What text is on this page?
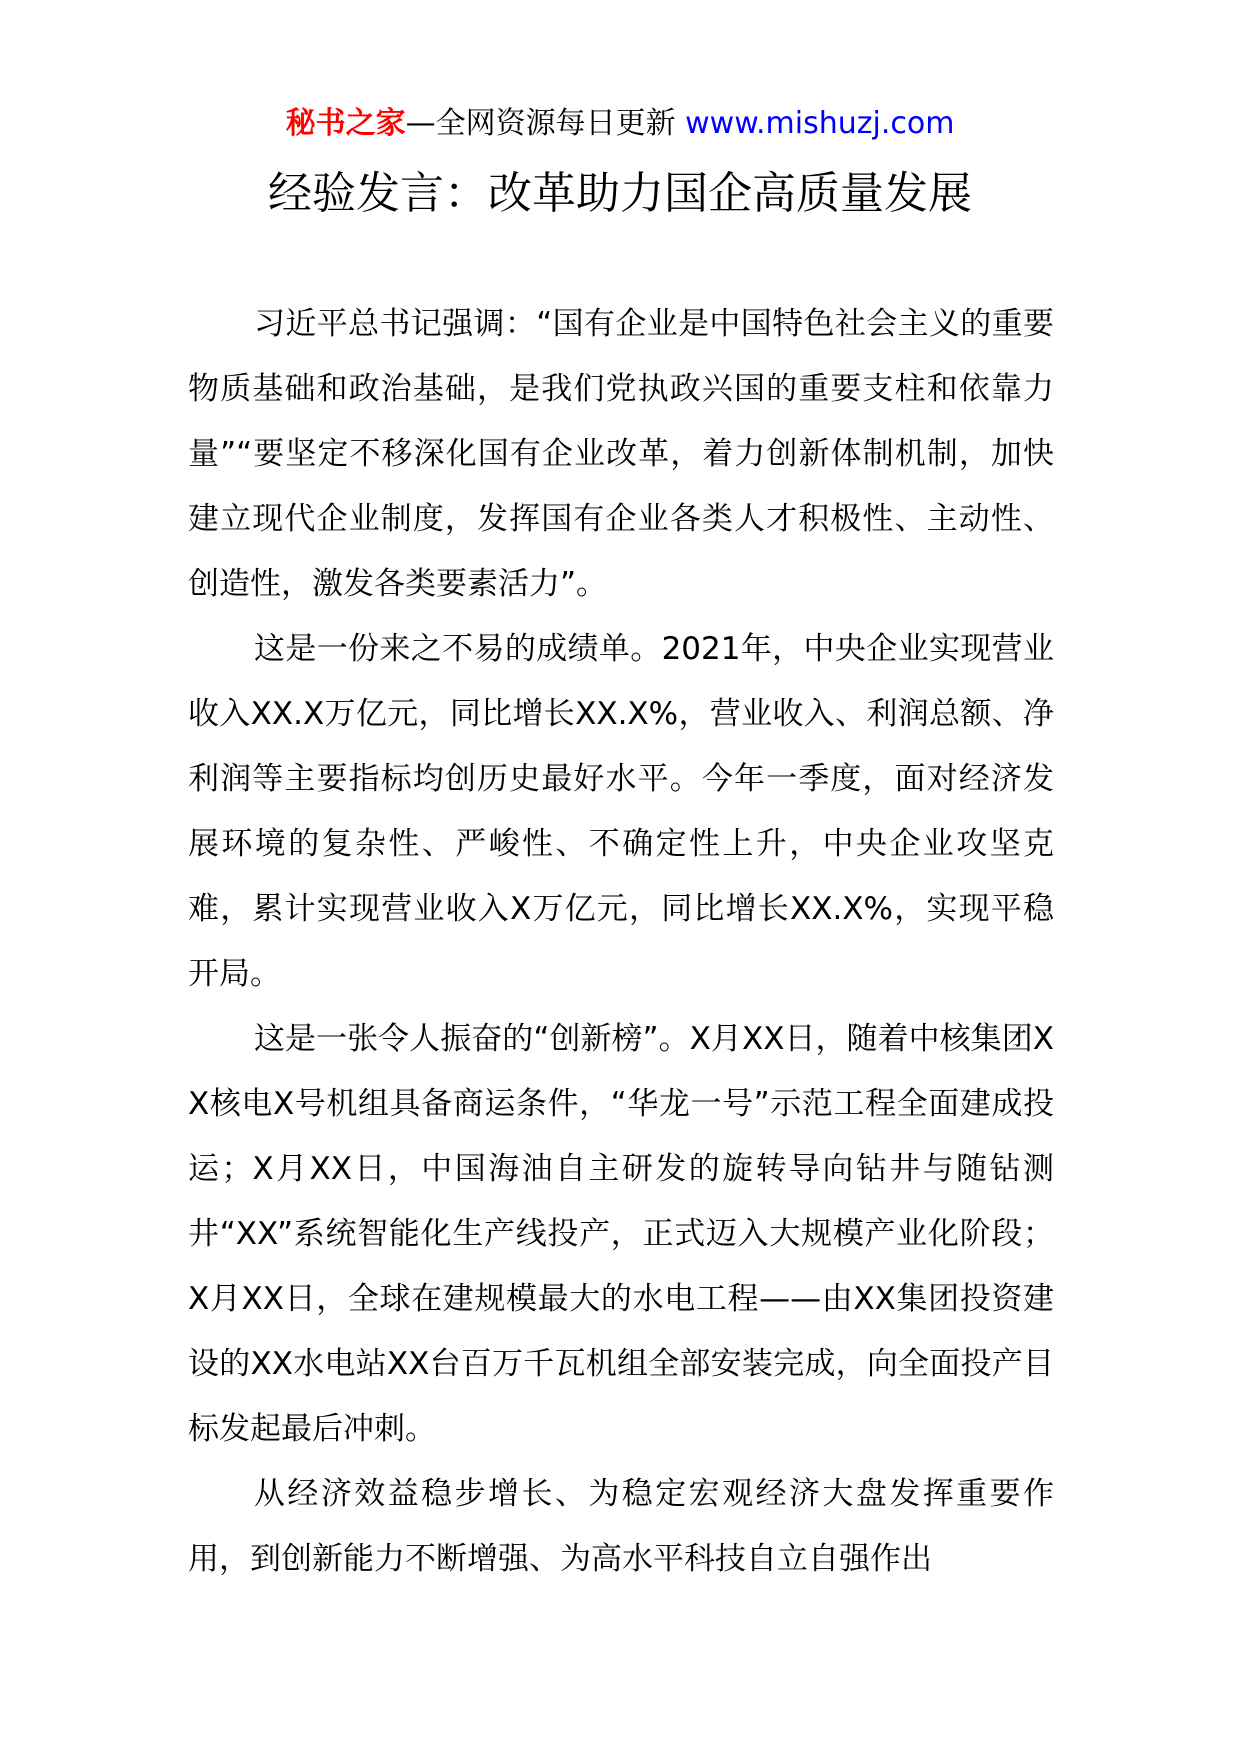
秘书之家—全网资源每日更新 www.mishuzj.com
经验发言：改革助力国企高质量发展

习近平总书记强调：“国有企业是中国特色社会主义的重要物质基础和政治基础，是我们党执政兴国的重要支柱和依靠力量”“要坚定不移深化国有企业改革，着力创新体制机制，加快建立现代企业制度，发挥国有企业各类人才积极性、主动性、创造性，激发各类要素活力”。

这是一份来之不易的成绩单。2021年，中央企业实现营业收入XX.X万亿元，同比增长XX.X%，营业收入、利润总额、净利润等主要指标均创历史最好水平。今年一季度，面对经济发展环境的复杂性、严峻性、不确定性上升，中央企业攻坚克难，累计实现营业收入X万亿元，同比增长XX.X%，实现平稳开局。

这是一张令人振奋的“创新榜”。X月XX日，随着中核集团XX核电X号机组具备商运条件，“华龙一号”示范工程全面建成投运；X月XX日，中国海油自主研发的旋转导向钻井与随钻测井“XX”系统智能化生产线投产，正式迈入大规模产业化阶段；X月XX日，全球在建规模最大的水电工程——由XX集团投资建设的XX水电站XX台百万千瓦机组全部安装完成，向全面投产目标发起最后冲刺。

从经济效益稳步增长、为稳定宏观经济大盘发挥重要作用，到创新能力不断增强、为高水平科技自立自强作出
